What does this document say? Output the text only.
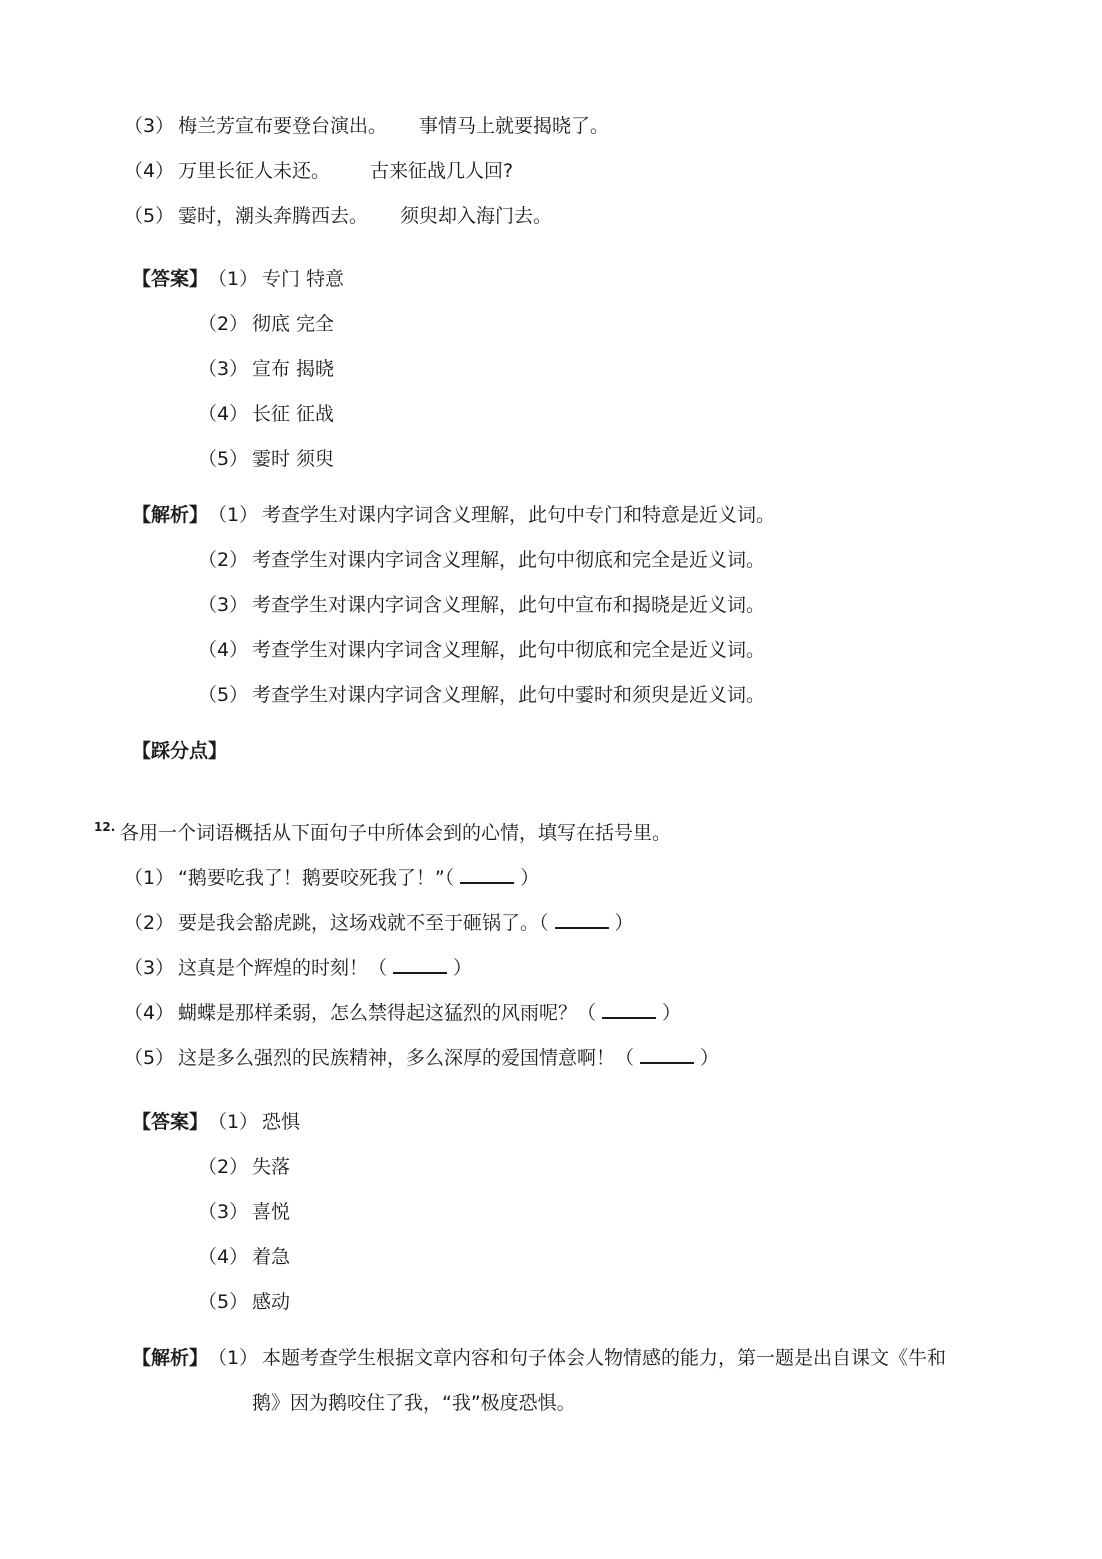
（3） 梅兰芳宣布要登台演出。 事情马上就要揭晓了。
（4） 万里长征人未还。 古来征战几人回?
（5） 霎时，潮头奔腾西去。 须臾却入海门去。
【答案】（1） 专门 特意
（2） 彻底 完全
（3） 宣布 揭晓
（4） 长征 征战
（5） 霎时 须臾
【解析】（1） 考查学生对课内字词含义理解，此句中专门和特意是近义词。
（2） 考查学生对课内字词含义理解，此句中彻底和完全是近义词。
（3） 考查学生对课内字词含义理解，此句中宣布和揭晓是近义词。
（4） 考查学生对课内字词含义理解，此句中彻底和完全是近义词。
（5） 考查学生对课内字词含义理解，此句中霎时和须臾是近义词。
【踩分点】
12. 各用一个词语概括从下面句子中所体会到的心情，填写在括号里。
（1） “鹅要吃我了！鹅要咬死我了！”（	）
（2） 要是我会豁虎跳，这场戏就不至于砸锅了。（	）
（3） 这真是个辉煌的时刻！（	）
（4） 蝴蝶是那样柔弱，怎么禁得起这猛烈的风雨呢？（	）
（5） 这是多么强烈的民族精神，多么深厚的爱国情意啊！（	）
【答案】（1） 恐惧
（2） 失落
（3） 喜悦
（4） 着急
（5） 感动
【解析】（1） 本题考查学生根据文章内容和句子体会人物情感的能力，第一题是出自课文《牛和
鹅》因为鹅咬住了我，“我”极度恐惧。
